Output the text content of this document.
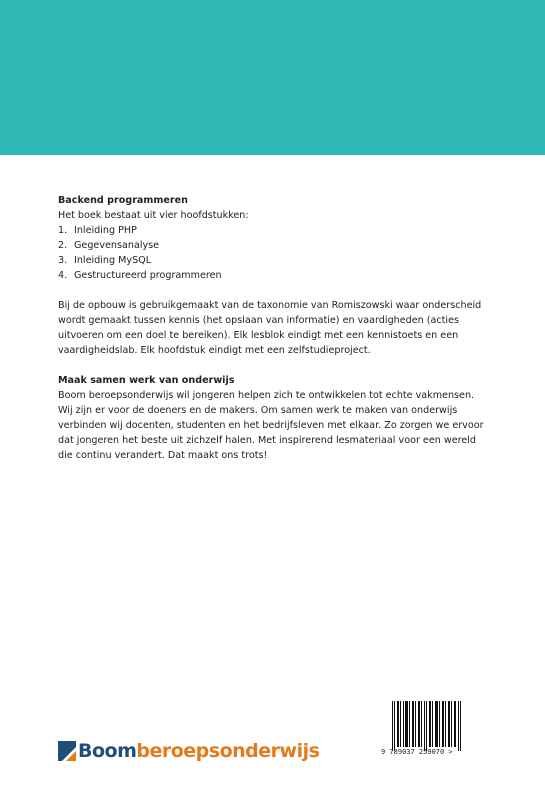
Backend programmeren

Het boek bestaat uit vier hoofdstukken:

1. Inleiding PHP
2. Gegevensanalyse
3. Inleiding MySQL
4. Gestructureerd programmeren

Bij de opbouw is gebruikgemaakt van de taxonomie van Romiszowski waar onderscheid

wordt gemaakt tussen kennis (het opslaan van informatie) en vaardigheden (acties

uitvoeren om een doel te bereiken). Elk lesblok eindigt met een kennistoets en een

vaardigheidslab. Elk hoofdstuk eindigt met een zelfstudieproject.

Maak samen werk van onderwijs

Boom beroepsonderwijs wil jongeren helpen zich te ontwikkelen tot echte vakmensen.

Wij zijn er voor de doeners en de makers. Om samen werk te maken van onderwijs

verbinden wij docenten, studenten en het bedrijfsleven met elkaar. Zo zorgen we ervoor

dat jongeren het beste uit zichzelf halen. Met inspirerend lesmateriaal voor een wereld

die continu verandert. Dat maakt ons trots!

Boom beroepsonderwijs	9 789037 259070 >
